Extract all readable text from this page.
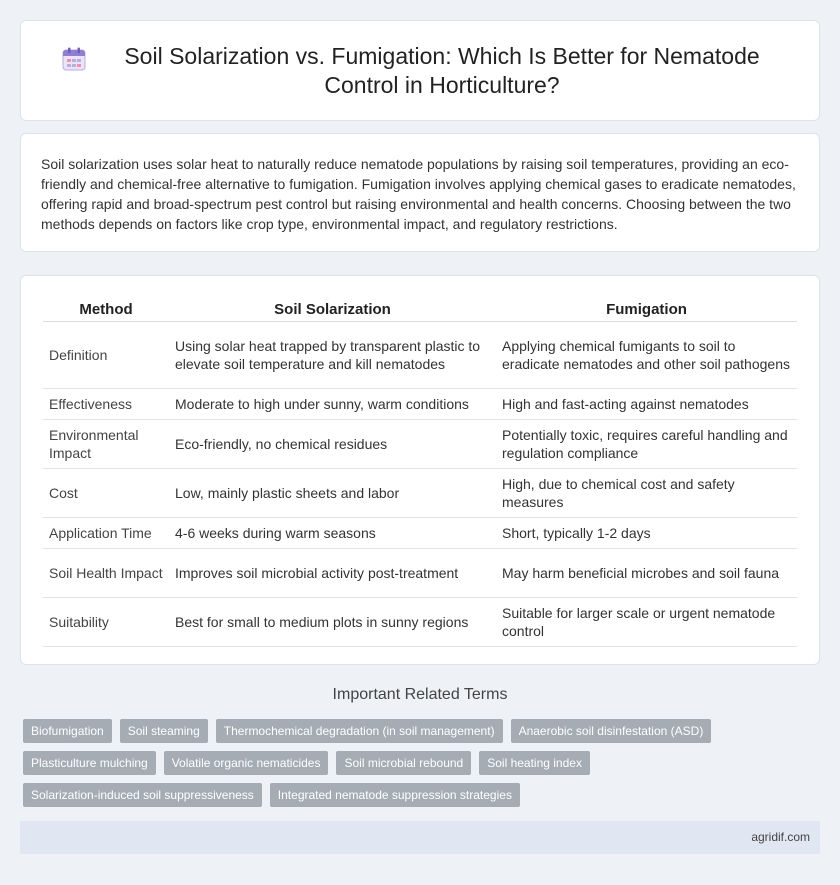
Soil Solarization vs. Fumigation: Which Is Better for Nematode Control in Horticulture?

Soil solarization uses solar heat to naturally reduce nematode populations by raising soil temperatures, providing an eco-friendly and chemical-free alternative to fumigation. Fumigation involves applying chemical gases to eradicate nematodes, offering rapid and broad-spectrum pest control but raising environmental and health concerns. Choosing between the two methods depends on factors like crop type, environmental impact, and regulatory restrictions.

Method	Soil Solarization	Fumigation
Definition	Using solar heat trapped by transparent plastic to elevate soil temperature and kill nematodes	Applying chemical fumigants to soil to eradicate nematodes and other soil pathogens
Effectiveness	Moderate to high under sunny, warm conditions	High and fast-acting against nematodes
Environmental Impact	Eco-friendly, no chemical residues	Potentially toxic, requires careful handling and regulation compliance
Cost	Low, mainly plastic sheets and labor	High, due to chemical cost and safety measures
Application Time	4-6 weeks during warm seasons	Short, typically 1-2 days
Soil Health Impact	Improves soil microbial activity post-treatment	May harm beneficial microbes and soil fauna
Suitability	Best for small to medium plots in sunny regions	Suitable for larger scale or urgent nematode control
Important Related Terms
Biofumigation	Soil steaming	Thermochemical degradation (in soil management)	Anaerobic soil disinfestation (ASD)
Plasticulture mulching	Volatile organic nematicides	Soil microbial rebound	Soil heating index
Solarization-induced soil suppressiveness	Integrated nematode suppression strategies
agridif.com
